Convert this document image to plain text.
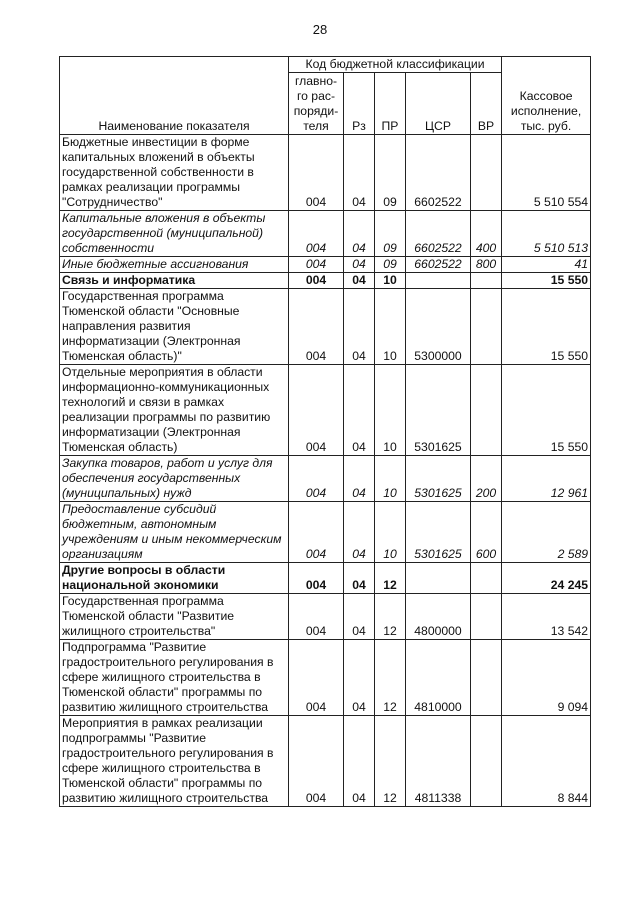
28
Наименование показателя	Код бюджетной классификации					Кассовое исполнение, тыс. руб.
	главно-
го рас-
поряди-
теля	Рз	ПР	ЦСР	ВР	
Бюджетные инвестиции в форме капитальных вложений в объекты государственной собственности в рамках реализации программы "Сотрудничество"	004	04	09	6602522		5 510 554
Капитальные вложения в объекты государственной (муниципальной) собственности	004	04	09	6602522	400	5 510 513
Иные бюджетные ассигнования	004	04	09	6602522	800	41
Связь и информатика	004	04	10			15 550
Государственная программа Тюменской области "Основные направления развития информатизации (Электронная Тюменская область)"	004	04	10	5300000		15 550
Отдельные мероприятия в области информационно-коммуникационных технологий и связи в рамках реализации программы по развитию информатизации (Электронная Тюменская область)	004	04	10	5301625		15 550
Закупка товаров, работ и услуг для обеспечения государственных (муниципальных) нужд	004	04	10	5301625	200	12 961
Предоставление субсидий бюджетным, автономным учреждениям и иным некоммерческим организациям	004	04	10	5301625	600	2 589
Другие вопросы в области национальной экономики	004	04	12			24 245
Государственная программа Тюменской области "Развитие жилищного строительства"	004	04	12	4800000		13 542
Подпрограмма "Развитие градостроительного регулирования в сфере жилищного строительства в Тюменской области" программы по развитию жилищного строительства	004	04	12	4810000		9 094
Мероприятия в рамках реализации подпрограммы "Развитие градостроительного регулирования в сфере жилищного строительства в Тюменской области" программы по развитию жилищного строительства	004	04	12	4811338		8 844
